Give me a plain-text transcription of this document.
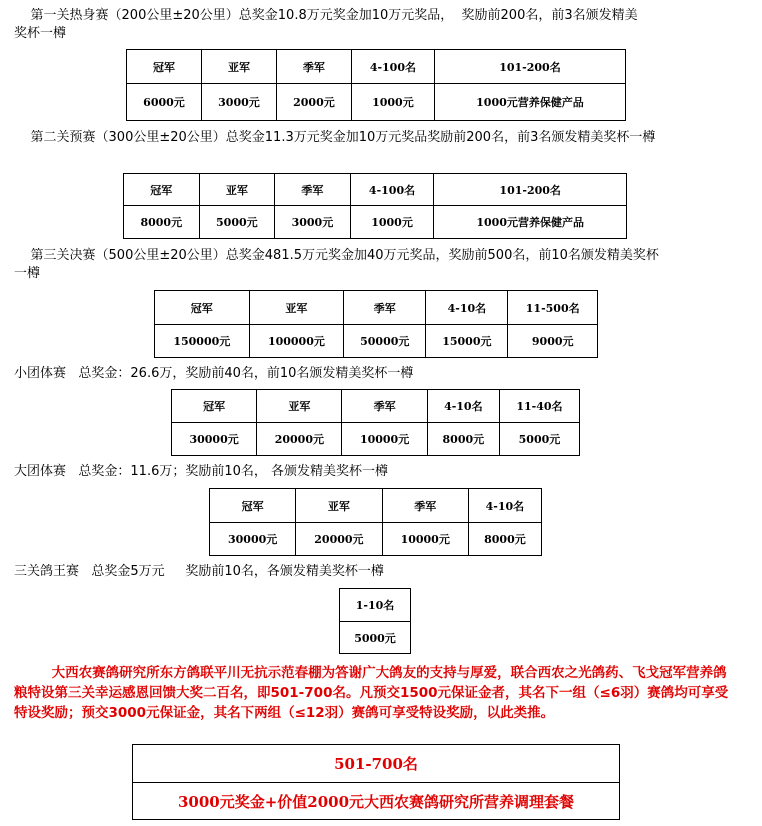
第一关热身赛（200公里±20公里）总奖金10.8万元奖金加10万元奖品，  奖励前200名，前3名颁发精美
奖杯一樽
冠军	亚军	季军	4-100名	101-200名
6000元	3000元	2000元	1000元	1000元营养保健产品
第二关预赛（300公里±20公里）总奖金11.3万元奖金加10万元奖品奖励前200名，前3名颁发精美奖杯一樽
冠军	亚军	季军	4-100名	101-200名
8000元	5000元	3000元	1000元	1000元营养保健产品
第三关决赛（500公里±20公里）总奖金481.5万元奖金加40万元奖品，奖励前500名，前10名颁发精美奖杯
一樽
冠军	亚军	季军	4-10名	11-500名
150000元	100000元	50000元	15000元	9000元
小团体赛   总奖金：26.6万，奖励前40名，前10名颁发精美奖杯一樽
冠军	亚军	季军	4-10名	11-40名
30000元	20000元	10000元	8000元	5000元
大团体赛   总奖金：11.6万；奖励前10名， 各颁发精美奖杯一樽
冠军	亚军	季军	4-10名
30000元	20000元	10000元	8000元
三关鸽王赛   总奖金5万元     奖励前10名，各颁发精美奖杯一樽
1-10名
5000元
大西农赛鸽研究所东方鸽联平川无抗示范春棚为答谢广大鸽友的支持与厚爱，联合西农之光鸽药、飞戈冠军营养鸽粮特设第三关幸运感恩回馈大奖二百名，即501-700名。凡预交1500元保证金者，其名下一组（≤6羽）赛鸽均可享受特设奖励；预交3000元保证金，其名下两组（≤12羽）赛鸽可享受特设奖励，以此类推。
501-700名
3000元奖金+价值2000元大西农赛鸽研究所营养调理套餐
